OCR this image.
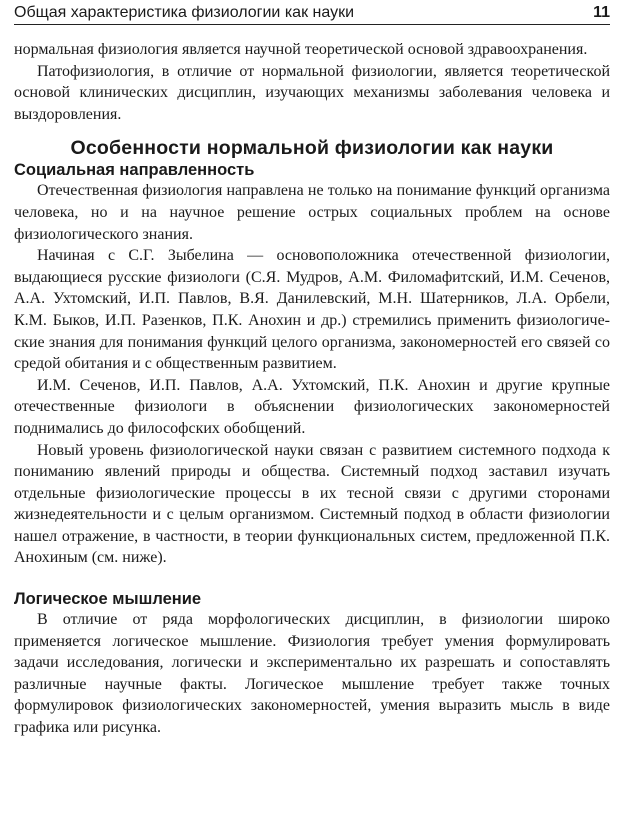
Общая характеристика физиологии как науки	11

нормальная физиология является научной теоретической основой здравоохранения.

Патофизиология, в отличие от нормальной физиологии, является теоретической основой клинических дисциплин, изучающих механизмы заболевания человека и выздоровления.

Особенности нормальной физиологии как науки
Социальная направленность

Отечественная физиология направлена не только на понимание функций организма человека, но и на научное решение острых социальных проблем на основе физиологического знания.

Начиная с С.Г. Зыбелина — основоположника отечественной физиологии, выдающиеся русские физиологи (С.Я. Мудров, А.М. Филомафитский, И.М. Сеченов, А.А. Ухтомский, И.П. Павлов, В.Я. Данилевский, М.Н. Шатерников, Л.А. Орбели, К.М. Быков, И.П. Разенков, П.К. Анохин и др.) стремились применить физиологические знания для понимания функций целого организма, закономерностей его связей со средой обитания и с общественным развитием.

И.М. Сеченов, И.П. Павлов, А.А. Ухтомский, П.К. Анохин и другие крупные отечественные физиологи в объяснении физиологических закономерностей поднимались до философских обобщений.

Новый уровень физиологической науки связан с развитием системного подхода к пониманию явлений природы и общества. Системный подход заставил изучать отдельные физиологические процессы в их тесной связи с другими сторонами жизнедеятельности и с целым организмом. Системный подход в области физиологии нашел отражение, в частности, в теории функциональных систем, предложенной П.К. Анохиным (см. ниже).

Логическое мышление

В отличие от ряда морфологических дисциплин, в физиологии широко применяется логическое мышление. Физиология требует умения формулировать задачи исследования, логически и экспериментально их разрешать и сопоставлять различные научные факты. Логическое мышление требует также точных формулировок физиологических закономерностей, умения выразить мысль в виде графика или рисунка.
